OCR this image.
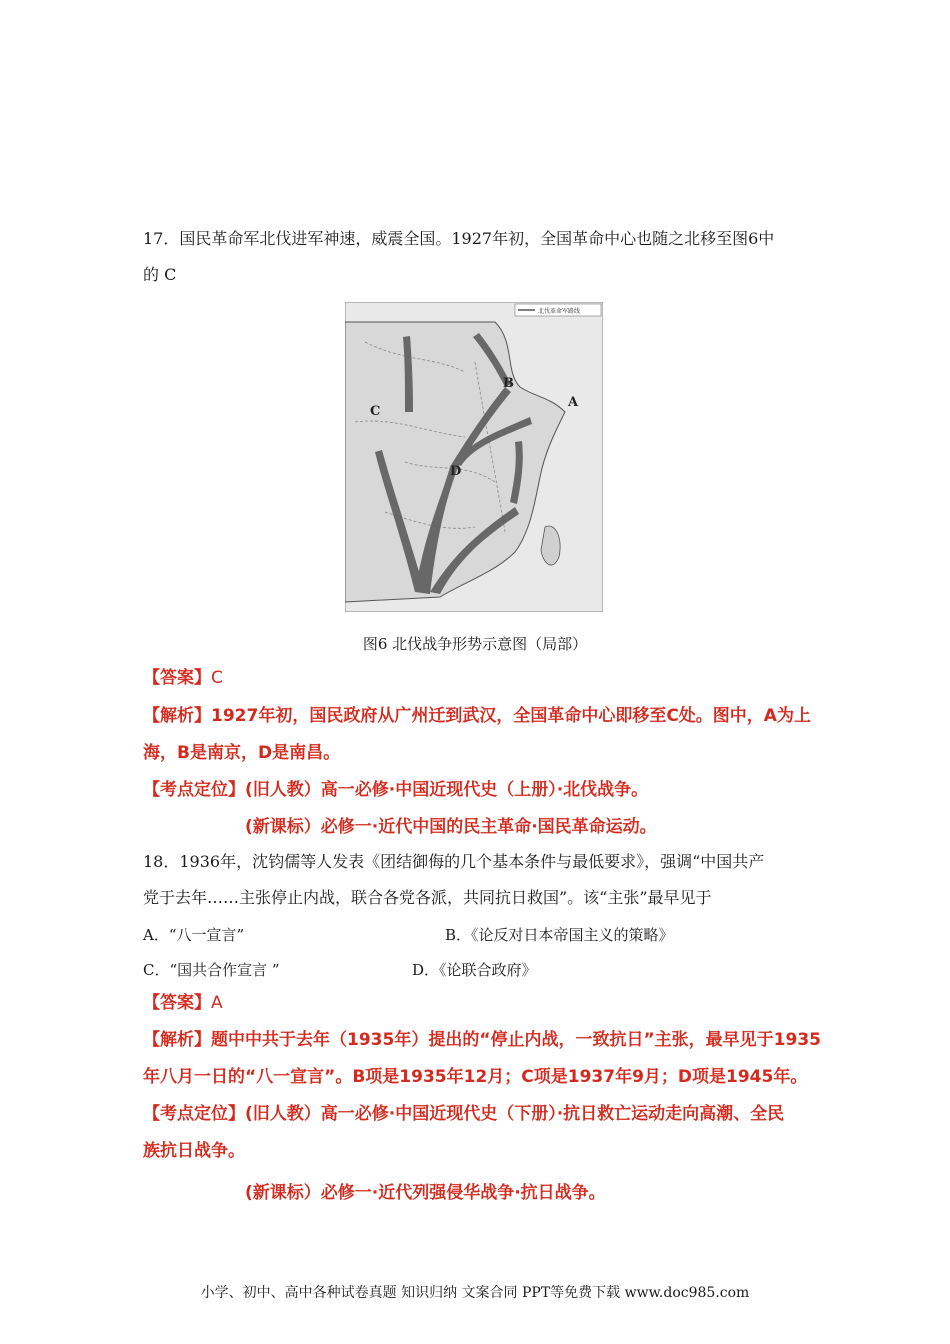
17．国民革命军北伐进军神速，威震全国。1927年初，全国革命中心也随之北移至图6中
的 C
北伐革命军路线
A
B
C
D
图6 北伐战争形势示意图（局部）
【答案】C
【解析】1927年初，国民政府从广州迁到武汉，全国革命中心即移至C处。图中，A为上
海，B是南京，D是南昌。
【考点定位】(旧人教）高一必修·中国近现代史（上册）·北伐战争。
(新课标）必修一·近代中国的民主革命·国民革命运动。
18．1936年，沈钧儒等人发表《团结御侮的几个基本条件与最低要求》，强调“中国共产
党于去年……主张停止内战，联合各党各派，共同抗日救国”。该“主张”最早见于
A．“八一宣言”	B．《论反对日本帝国主义的策略》
C．“国共合作宣言 ”	D．《论联合政府》
【答案】A
【解析】题中中共于去年（1935年）提出的“停止内战，一致抗日”主张，最早见于1935
年八月一日的“八一宣言”。B项是1935年12月；C项是1937年9月；D项是1945年。
【考点定位】(旧人教）高一必修·中国近现代史（下册）·抗日救亡运动走向高潮、全民
族抗日战争。
(新课标）必修一·近代列强侵华战争·抗日战争。
小学、初中、高中各种试卷真题 知识归纳 文案合同 PPT等免费下载 www.doc985.com
